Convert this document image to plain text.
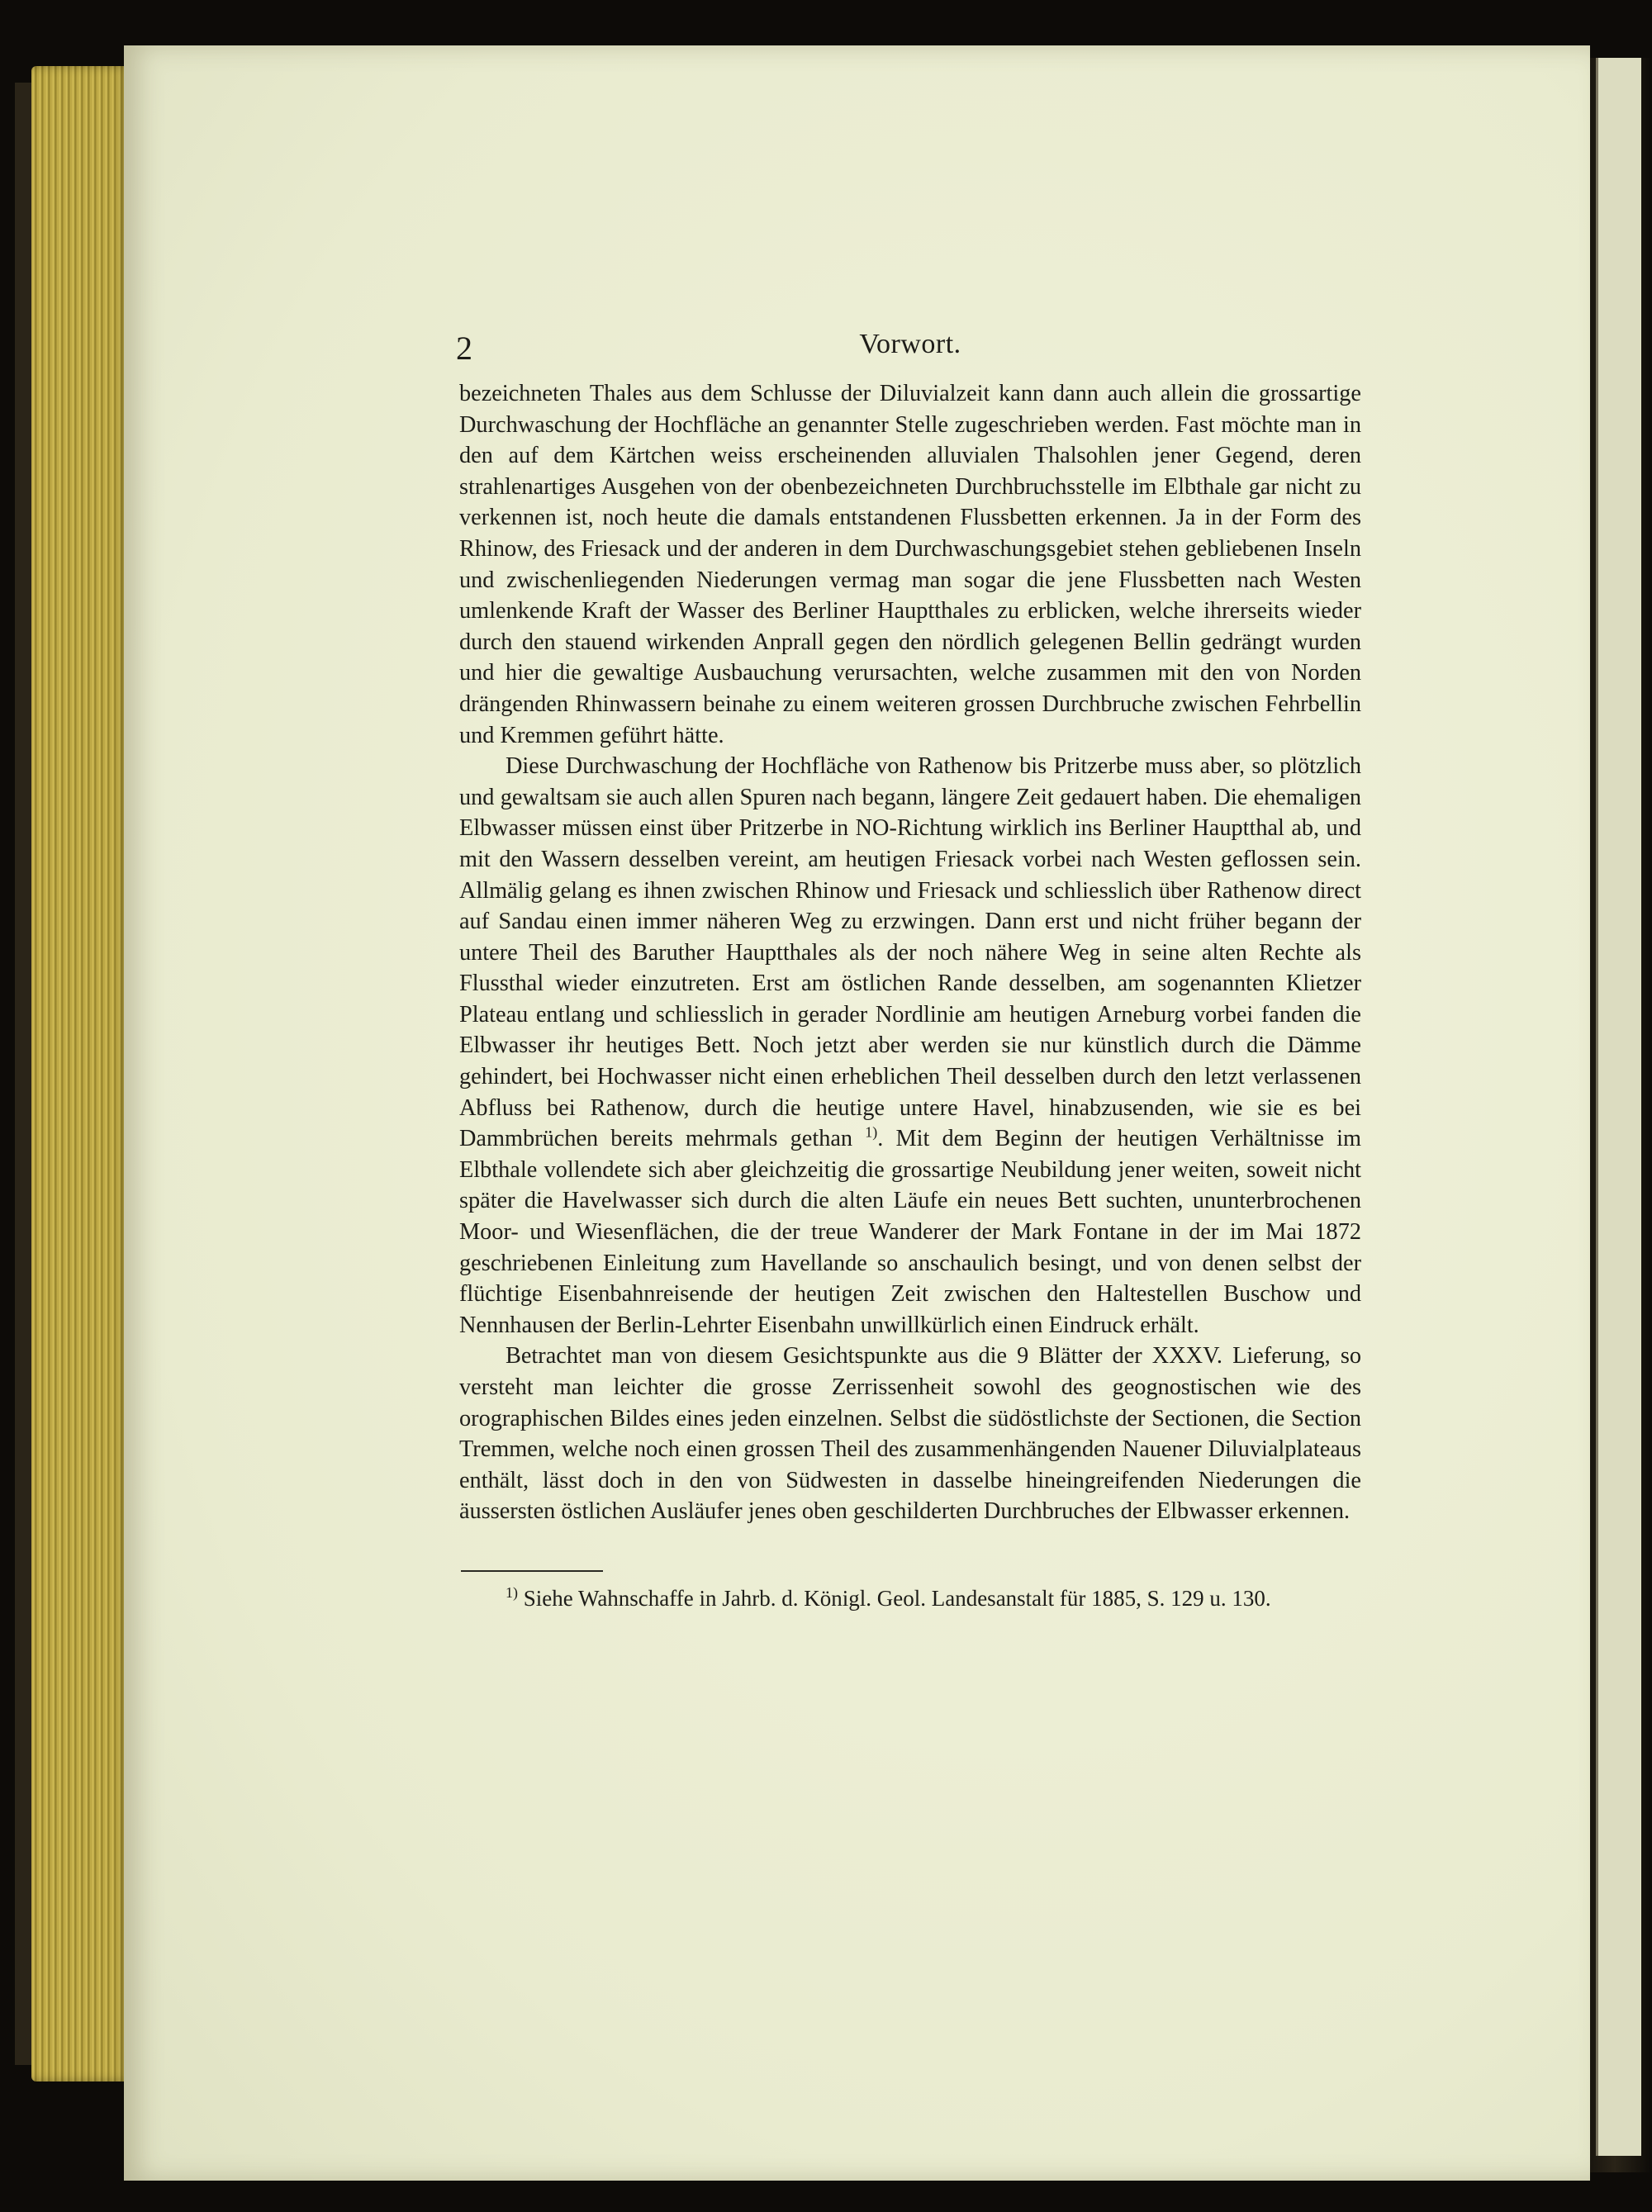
2	Vorwort.

bezeichneten Thales aus dem Schlusse der Diluvialzeit kann dann auch allein die grossartige Durchwaschung der Hochfläche an genannter Stelle zugeschrieben werden. Fast möchte man in den auf dem Kärtchen weiss erscheinenden alluvialen Thalsohlen jener Gegend, deren strahlenartiges Ausgehen von der obenbezeichneten Durchbruchsstelle im Elbthale gar nicht zu verkennen ist, noch heute die damals entstandenen Flussbetten erkennen. Ja in der Form des Rhinow, des Friesack und der anderen in dem Durchwaschungsgebiet stehen gebliebenen Inseln und zwischenliegenden Niederungen vermag man sogar die jene Flussbetten nach Westen umlenkende Kraft der Wasser des Berliner Hauptthales zu erblicken, welche ihrerseits wieder durch den stauend wirkenden Anprall gegen den nördlich gelegenen Bellin gedrängt wurden und hier die gewaltige Ausbauchung verursachten, welche zusammen mit den von Norden drängenden Rhinwassern beinahe zu einem weiteren grossen Durchbruche zwischen Fehrbellin und Kremmen geführt hätte.

Diese Durchwaschung der Hochfläche von Rathenow bis Pritzerbe muss aber, so plötzlich und gewaltsam sie auch allen Spuren nach begann, längere Zeit gedauert haben. Die ehemaligen Elbwasser müssen einst über Pritzerbe in NO-Richtung wirklich ins Berliner Hauptthal ab, und mit den Wassern desselben vereint, am heutigen Friesack vorbei nach Westen geflossen sein. Allmälig gelang es ihnen zwischen Rhinow und Friesack und schliesslich über Rathenow direct auf Sandau einen immer näheren Weg zu erzwingen. Dann erst und nicht früher begann der untere Theil des Baruther Hauptthales als der noch nähere Weg in seine alten Rechte als Flussthal wieder einzutreten. Erst am östlichen Rande desselben, am sogenannten Klietzer Plateau entlang und schliesslich in gerader Nordlinie am heutigen Arneburg vorbei fanden die Elbwasser ihr heutiges Bett. Noch jetzt aber werden sie nur künstlich durch die Dämme gehindert, bei Hochwasser nicht einen erheblichen Theil desselben durch den letzt verlassenen Abfluss bei Rathenow, durch die heutige untere Havel, hinabzusenden, wie sie es bei Dammbrüchen bereits mehrmals gethan $^{1)}$. Mit dem Beginn der heutigen Verhältnisse im Elbthale vollendete sich aber gleichzeitig die grossartige Neubildung jener weiten, soweit nicht später die Havelwasser sich durch die alten Läufe ein neues Bett suchten, ununterbrochenen Moor- und Wiesenflächen, die der treue Wanderer der Mark Fontane in der im Mai 1872 geschriebenen Einleitung zum Havellande so anschaulich besingt, und von denen selbst der flüchtige Eisenbahnreisende der heutigen Zeit zwischen den Haltestellen Buschow und Nennhausen der Berlin-Lehrter Eisenbahn unwillkürlich einen Eindruck erhält.

Betrachtet man von diesem Gesichtspunkte aus die 9 Blätter der XXXV. Lieferung, so versteht man leichter die grosse Zerrissenheit sowohl des geognostischen wie des orographischen Bildes eines jeden einzelnen. Selbst die südöstlichste der Sectionen, die Section Tremmen, welche noch einen grossen Theil des zusammenhängenden Nauener Diluvialplateaus enthält, lässt doch in den von Südwesten in dasselbe hineingreifenden Niederungen die äussersten östlichen Ausläufer jenes oben geschilderten Durchbruches der Elbwasser erkennen.

$^{1)}$ Siehe Wahnschaffe in Jahrb. d. Königl. Geol. Landesanstalt für 1885, S. 129 u. 130.
